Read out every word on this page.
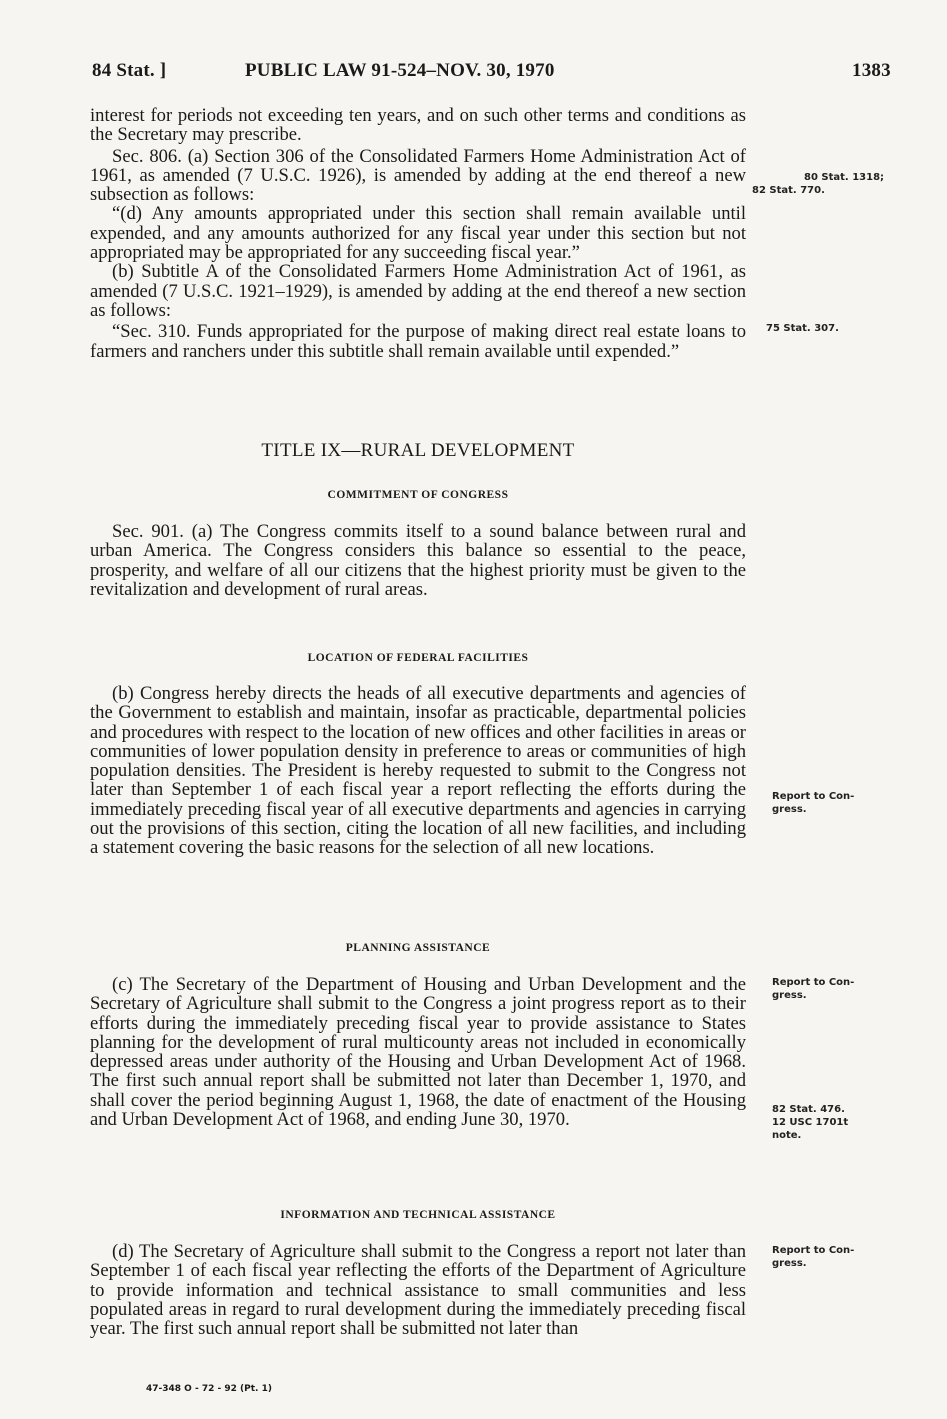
84 Stat. ]	PUBLIC LAW 91-524–NOV. 30, 1970	1383

interest for periods not exceeding ten years, and on such other terms and conditions as the Secretary may prescribe.

Sec. 806. (a) Section 306 of the Consolidated Farmers Home Administration Act of 1961, as amended (7 U.S.C. 1926), is amended by adding at the end thereof a new subsection as follows:

“(d) Any amounts appropriated under this section shall remain available until expended, and any amounts authorized for any fiscal year under this section but not appropriated may be appropriated for any succeeding fiscal year.”

(b) Subtitle A of the Consolidated Farmers Home Administration Act of 1961, as amended (7 U.S.C. 1921–1929), is amended by adding at the end thereof a new section as follows:

“Sec. 310. Funds appropriated for the purpose of making direct real estate loans to farmers and ranchers under this subtitle shall remain available until expended.”

TITLE IX—RURAL DEVELOPMENT
COMMITMENT OF CONGRESS

Sec. 901. (a) The Congress commits itself to a sound balance between rural and urban America. The Congress considers this balance so essential to the peace, prosperity, and welfare of all our citizens that the highest priority must be given to the revitalization and development of rural areas.

LOCATION OF FEDERAL FACILITIES

(b) Congress hereby directs the heads of all executive departments and agencies of the Government to establish and maintain, insofar as practicable, departmental policies and procedures with respect to the location of new offices and other facilities in areas or communities of lower population density in preference to areas or communities of high population densities. The President is hereby requested to submit to the Congress not later than September 1 of each fiscal year a report reflecting the efforts during the immediately preceding fiscal year of all executive departments and agencies in carrying out the provisions of this section, citing the location of all new facilities, and including a statement covering the basic reasons for the selection of all new locations.

PLANNING ASSISTANCE

(c) The Secretary of the Department of Housing and Urban Development and the Secretary of Agriculture shall submit to the Congress a joint progress report as to their efforts during the immediately preceding fiscal year to provide assistance to States planning for the development of rural multicounty areas not included in economically depressed areas under authority of the Housing and Urban Development Act of 1968. The first such annual report shall be submitted not later than December 1, 1970, and shall cover the period beginning August 1, 1968, the date of enactment of the Housing and Urban Development Act of 1968, and ending June 30, 1970.

INFORMATION AND TECHNICAL ASSISTANCE

(d) The Secretary of Agriculture shall submit to the Congress a report not later than September 1 of each fiscal year reflecting the efforts of the Department of Agriculture to provide information and technical assistance to small communities and less populated areas in regard to rural development during the immediately preceding fiscal year. The first such annual report shall be submitted not later than

80 Stat. 1318;
82 Stat. 770.
75 Stat. 307.
Report to Con-
gress.
Report to Con-
gress.
82 Stat. 476.
12 USC 1701t
note.
Report to Con-
gress.
47-348 O - 72 - 92 (Pt. 1)
